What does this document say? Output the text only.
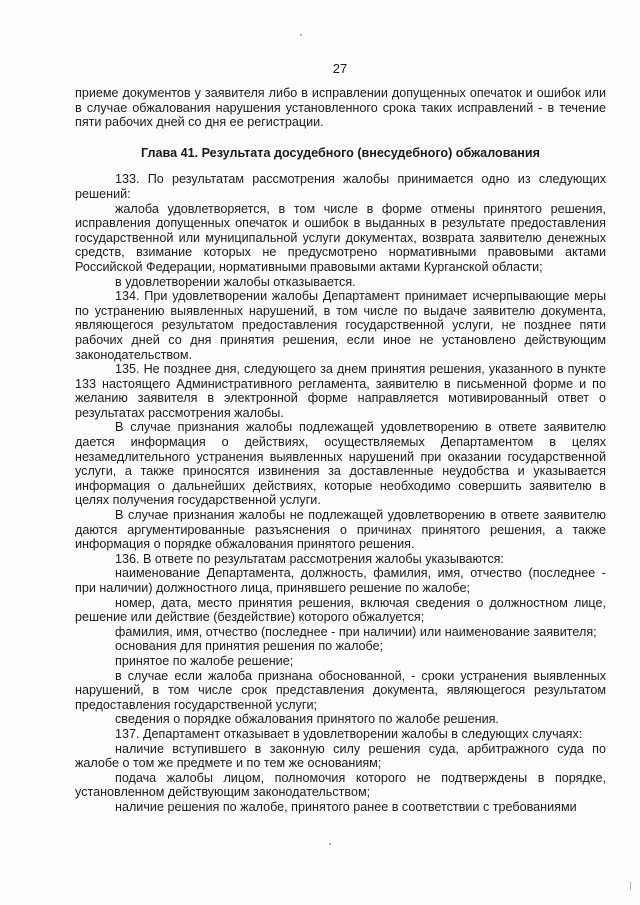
27

приеме документов у заявителя либо в исправлении допущенных опечаток и ошибок или в случае обжалования нарушения установленного срока таких исправлений - в течение пяти рабочих дней со дня ее регистрации.

Глава 41. Результата досудебного (внесудебного) обжалования

133. По результатам рассмотрения жалобы принимается одно из следующих решений:

жалоба удовлетворяется, в том числе в форме отмены принятого решения, исправления допущенных опечаток и ошибок в выданных в результате предоставления государственной или муниципальной услуги документах, возврата заявителю денежных средств, взимание которых не предусмотрено нормативными правовыми актами Российской Федерации, нормативными правовыми актами Курганской области;

в удовлетворении жалобы отказывается.

134. При удовлетворении жалобы Департамент принимает исчерпывающие меры по устранению выявленных нарушений, в том числе по выдаче заявителю документа, являющегося результатом предоставления государственной услуги, не позднее пяти рабочих дней со дня принятия решения, если иное не установлено действующим законодательством.

135. Не позднее дня, следующего за днем принятия решения, указанного в пункте 133 настоящего Административного регламента, заявителю в письменной форме и по желанию заявителя в электронной форме направляется мотивированный ответ о результатах рассмотрения жалобы.

В случае признания жалобы подлежащей удовлетворению в ответе заявителю дается информация о действиях, осуществляемых Департаментом в целях незамедлительного устранения выявленных нарушений при оказании государственной услуги, а также приносятся извинения за доставленные неудобства и указывается информация о дальнейших действиях, которые необходимо совершить заявителю в целях получения государственной услуги.

В случае признания жалобы не подлежащей удовлетворению в ответе заявителю даются аргументированные разъяснения о причинах принятого решения, а также информация о порядке обжалования принятого решения.

136. В ответе по результатам рассмотрения жалобы указываются:

наименование Департамента, должность, фамилия, имя, отчество (последнее - при наличии) должностного лица, принявшего решение по жалобе;

номер, дата, место принятия решения, включая сведения о должностном лице, решение или действие (бездействие) которого обжалуется;

фамилия, имя, отчество (последнее - при наличии) или наименование заявителя;

основания для принятия решения по жалобе;

принятое по жалобе решение;

в случае если жалоба признана обоснованной, - сроки устранения выявленных нарушений, в том числе срок представления документа, являющегося результатом предоставления государственной услуги;

сведения о порядке обжалования принятого по жалобе решения.

137. Департамент отказывает в удовлетворении жалобы в следующих случаях:

наличие вступившего в законную силу решения суда, арбитражного суда по жалобе о том же предмете и по тем же основаниям;

подача жалобы лицом, полномочия которого не подтверждены в порядке, установленном действующим законодательством;

наличие решения по жалобе, принятого ранее в соответствии с требованиями
